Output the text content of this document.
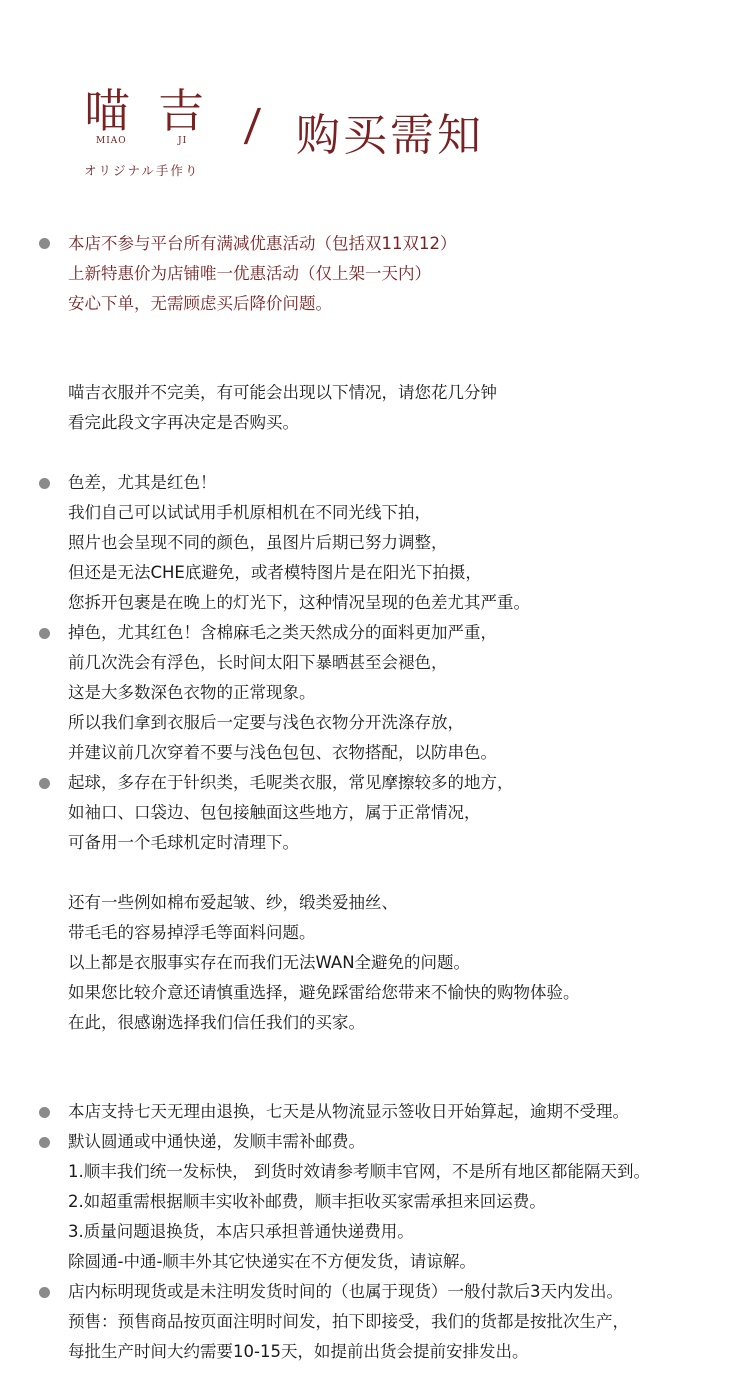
喵 吉
MIAO	JI
オリジナル手作り
/ 购买需知
本店不参与平台所有满减优惠活动（包括双11双12）
上新特惠价为店铺唯一优惠活动（仅上架一天内）
安心下单，无需顾虑买后降价问题。
喵吉衣服并不完美，有可能会出现以下情况，请您花几分钟
看完此段文字再决定是否购买。
色差，尤其是红色！
我们自己可以试试用手机原相机在不同光线下拍，
照片也会呈现不同的颜色，虽图片后期已努力调整，
但还是无法CHE底避免，或者模特图片是在阳光下拍摄，
您拆开包裹是在晚上的灯光下，这种情况呈现的色差尤其严重。
掉色，尤其红色！含棉麻毛之类天然成分的面料更加严重，
前几次洗会有浮色，长时间太阳下暴晒甚至会褪色，
这是大多数深色衣物的正常现象。
所以我们拿到衣服后一定要与浅色衣物分开洗涤存放，
并建议前几次穿着不要与浅色包包、衣物搭配，以防串色。
起球，多存在于针织类，毛呢类衣服，常见摩擦较多的地方，
如袖口、口袋边、包包接触面这些地方，属于正常情况，
可备用一个毛球机定时清理下。
还有一些例如棉布爱起皱、纱，缎类爱抽丝、
带毛毛的容易掉浮毛等面料问题。
以上都是衣服事实存在而我们无法WAN全避免的问题。
如果您比较介意还请慎重选择，避免踩雷给您带来不愉快的购物体验。
在此，很感谢选择我们信任我们的买家。
本店支持七天无理由退换，七天是从物流显示签收日开始算起，逾期不受理。
默认圆通或中通快递，发顺丰需补邮费。
1.顺丰我们统一发标快， 到货时效请参考顺丰官网，不是所有地区都能隔天到。
2.如超重需根据顺丰实收补邮费，顺丰拒收买家需承担来回运费。
3.质量问题退换货，本店只承担普通快递费用。
除圆通-中通-顺丰外其它快递实在不方便发货，请谅解。
店内标明现货或是未注明发货时间的（也属于现货）一般付款后3天内发出。
预售：预售商品按页面注明时间发，拍下即接受，我们的货都是按批次生产，
每批生产时间大约需要10-15天，如提前出货会提前安排发出。
